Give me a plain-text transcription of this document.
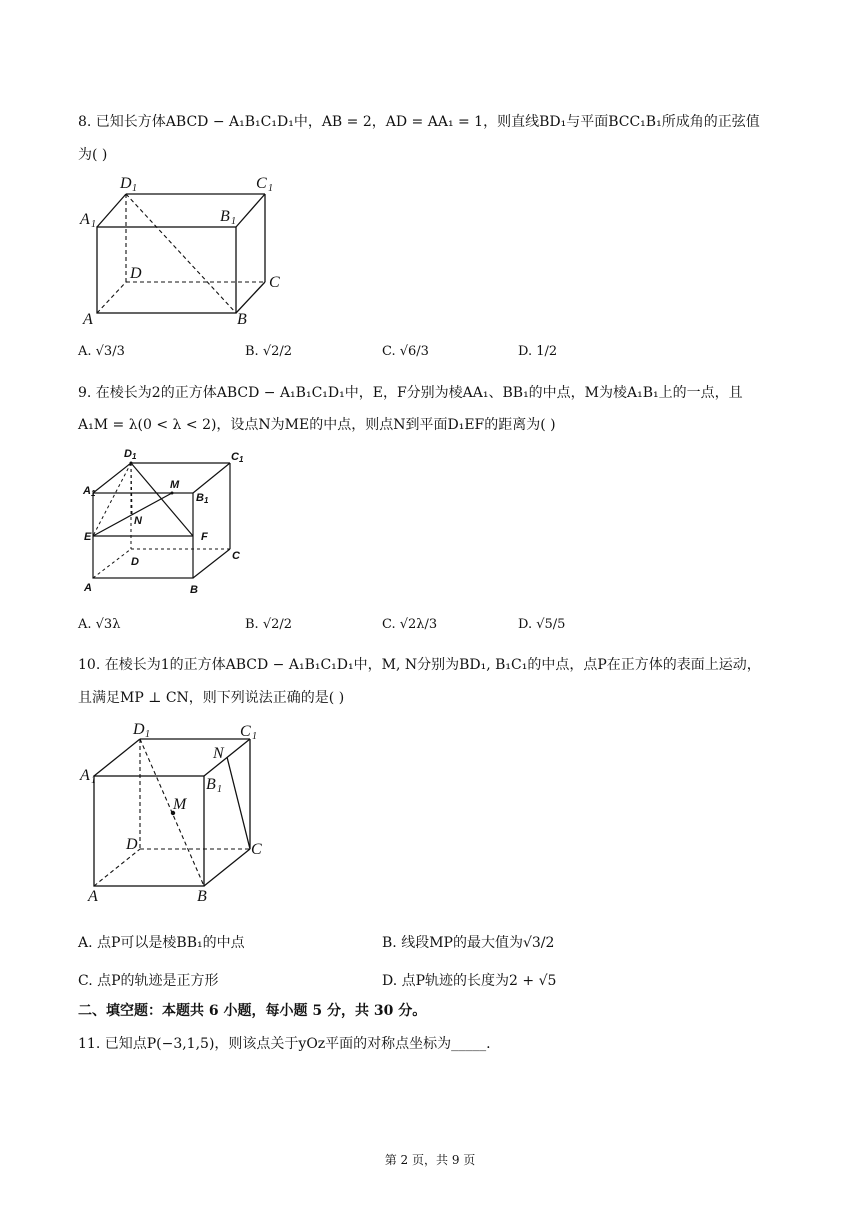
8. 已知长方体ABCD − A₁B₁C₁D₁中，AB = 2，AD = AA₁ = 1，则直线BD₁与平面BCC₁B₁所成角的正弦值
为( )
D 1	C 1
A 1	B 1
D
C
A	B
A. √3/3	B. √2/2	C. √6/3	D. 1/2
9. 在棱长为2的正方体ABCD − A₁B₁C₁D₁中，E，F分别为棱AA₁、BB₁的中点，M为棱A₁B₁上的一点，且
A₁M = λ(0 < λ < 2)，设点N为ME的中点，则点N到平面D₁EF的距离为( )
D 1	C 1
A 1	B 1
M
N
E	F
D	C
A	B
A. √3λ	B. √2/2	C. √2λ/3	D. √5/5
10. 在棱长为1的正方体ABCD − A₁B₁C₁D₁中，M, N分别为BD₁, B₁C₁的中点，点P在正方体的表面上运动，
且满足MP ⊥ CN，则下列说法正确的是( )
D 1	C 1
A 1
N
B 1
M
D	C
A	B
A. 点P可以是棱BB₁的中点	B. 线段MP的最大值为√3/2
C. 点P的轨迹是正方形	D. 点P轨迹的长度为2 + √5
二、填空题：本题共 6 小题，每小题 5 分，共 30 分。
11. 已知点P(−3,1,5)，则该点关于yOz平面的对称点坐标为_____.
第 2 页，共 9 页
